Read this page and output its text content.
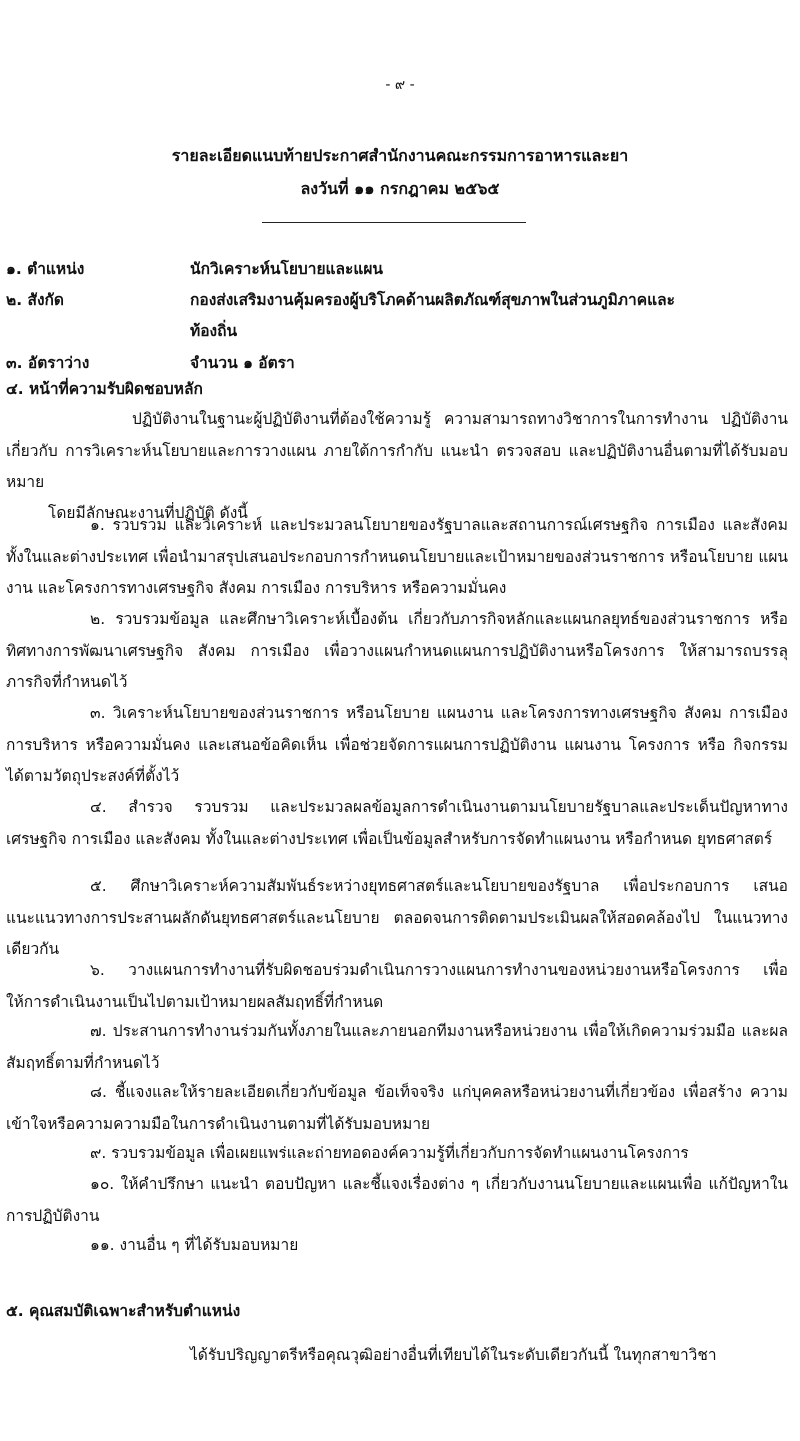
- ๙ -
รายละเอียดแนบท้ายประกาศสำนักงานคณะกรรมการอาหารและยา
ลงวันที่ ๑๑ กรกฎาคม ๒๕๖๕
๑. ตำแหน่ง	นักวิเคราะห์นโยบายและแผน
๒. สังกัด	กองส่งเสริมงานคุ้มครองผู้บริโภคด้านผลิตภัณฑ์สุขภาพในส่วนภูมิภาคและ
ท้องถิ่น
๓. อัตราว่าง	จำนวน ๑ อัตรา
๔. หน้าที่ความรับผิดชอบหลัก
ปฏิบัติงานในฐานะผู้ปฏิบัติงานที่ต้องใช้ความรู้ ความสามารถทางวิชาการในการทำงาน ปฏิบัติงานเกี่ยวกับ การวิเคราะห์นโยบายและการวางแผน ภายใต้การกำกับ แนะนำ ตรวจสอบ และปฏิบัติงานอื่นตามที่ได้รับมอบหมาย
โดยมีลักษณะงานที่ปฏิบัติ ดังนี้
๑. รวบรวม และวิเคราะห์ และประมวลนโยบายของรัฐบาลและสถานการณ์เศรษฐกิจ การเมือง และสังคมทั้งในและต่างประเทศ เพื่อนำมาสรุปเสนอประกอบการกำหนดนโยบายและเป้าหมายของส่วนราชการ หรือนโยบาย แผนงาน และโครงการทางเศรษฐกิจ สังคม การเมือง การบริหาร หรือความมั่นคง
๒. รวบรวมข้อมูล และศึกษาวิเคราะห์เบื้องต้น เกี่ยวกับภารกิจหลักและแผนกลยุทธ์ของส่วนราชการ หรือทิศทางการพัฒนาเศรษฐกิจ สังคม การเมือง เพื่อวางแผนกำหนดแผนการปฏิบัติงานหรือโครงการ ให้สามารถบรรลุภารกิจที่กำหนดไว้
๓. วิเคราะห์นโยบายของส่วนราชการ หรือนโยบาย แผนงาน และโครงการทางเศรษฐกิจ สังคม การเมือง การบริหาร หรือความมั่นคง และเสนอข้อคิดเห็น เพื่อช่วยจัดการแผนการปฏิบัติงาน แผนงาน โครงการ หรือ กิจกรรม ได้ตามวัตถุประสงค์ที่ตั้งไว้
๔. สำรวจ รวบรวม และประมวลผลข้อมูลการดำเนินงานตามนโยบายรัฐบาลและประเด็นปัญหาทาง เศรษฐกิจ การเมือง และสังคม ทั้งในและต่างประเทศ เพื่อเป็นข้อมูลสำหรับการจัดทำแผนงาน หรือกำหนด ยุทธศาสตร์
๕. ศึกษาวิเคราะห์ความสัมพันธ์ระหว่างยุทธศาสตร์และนโยบายของรัฐบาล เพื่อประกอบการ เสนอแนะแนวทางการประสานผลักดันยุทธศาสตร์และนโยบาย ตลอดจนการติดตามประเมินผลให้สอดคล้องไป ในแนวทางเดียวกัน
๖. วางแผนการทำงานที่รับผิดชอบร่วมดำเนินการวางแผนการทำงานของหน่วยงานหรือโครงการ เพื่อให้การดำเนินงานเป็นไปตามเป้าหมายผลสัมฤทธิ์ที่กำหนด
๗. ประสานการทำงานร่วมกันทั้งภายในและภายนอกทีมงานหรือหน่วยงาน เพื่อให้เกิดความร่วมมือ และผลสัมฤทธิ์ตามที่กำหนดไว้
๘. ชี้แจงและให้รายละเอียดเกี่ยวกับข้อมูล ข้อเท็จจริง แก่บุคคลหรือหน่วยงานที่เกี่ยวข้อง เพื่อสร้าง ความเข้าใจหรือความความมือในการดำเนินงานตามที่ได้รับมอบหมาย
๙. รวบรวมข้อมูล เพื่อเผยแพร่และถ่ายทอดองค์ความรู้ที่เกี่ยวกับการจัดทำแผนงานโครงการ
๑๐. ให้คำปรึกษา แนะนำ ตอบปัญหา และชี้แจงเรื่องต่าง ๆ เกี่ยวกับงานนโยบายและแผนเพื่อ แก้ปัญหาในการปฏิบัติงาน
๑๑. งานอื่น ๆ ที่ได้รับมอบหมาย
๕. คุณสมบัติเฉพาะสำหรับตำแหน่ง
ได้รับปริญญาตรีหรือคุณวุฒิอย่างอื่นที่เทียบได้ในระดับเดียวกันนี้ ในทุกสาขาวิชา
